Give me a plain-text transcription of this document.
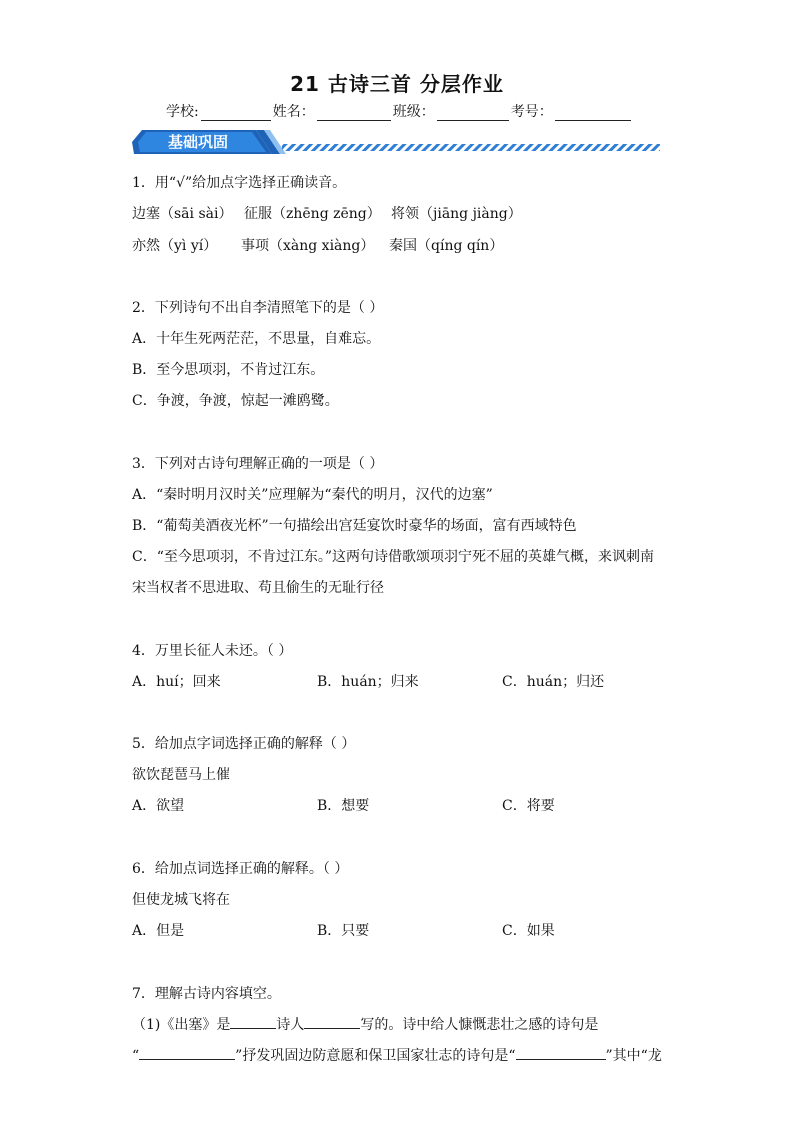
21 古诗三首 分层作业
学校:	姓名：	班级：	考号：
基础巩固
1．用“√”给加点字选择正确读音。
边塞（sāi sài） 征服（zhēng zēng） 将领（jiāng jiàng）
亦然（yì yí） 事项（xàng xiàng） 秦国（qíng qín）
2．下列诗句不出自李清照笔下的是（ ）
A．十年生死两茫茫，不思量，自难忘。
B．至今思项羽，不肯过江东。
C．争渡，争渡，惊起一滩鸥鹭。
3．下列对古诗句理解正确的一项是（ ）
A．“秦时明月汉时关”应理解为“秦代的明月，汉代的边塞”
B．“葡萄美酒夜光杯”一句描绘出宫廷宴饮时豪华的场面，富有西域特色
C．“至今思项羽，不肯过江东。”这两句诗借歌颂项羽宁死不屈的英雄气概，来讽刺南
宋当权者不思进取、苟且偷生的无耻行径
4．万里长征人未还。（ ）
A．huí；回来	B．huán；归来	C．huán；归还
5．给加点字词选择正确的解释（ ）
欲饮琵琶马上催
A．欲望	B．想要	C．将要
6．给加点词选择正确的解释。（ ）
但使龙城飞将在
A．但是	B．只要	C．如果
7．理解古诗内容填空。
（1)《出塞》是	诗人	写的。诗中给人慷慨悲壮之感的诗句是
“	”抒发巩固边防意愿和保卫国家壮志的诗句是“	”其中“龙
